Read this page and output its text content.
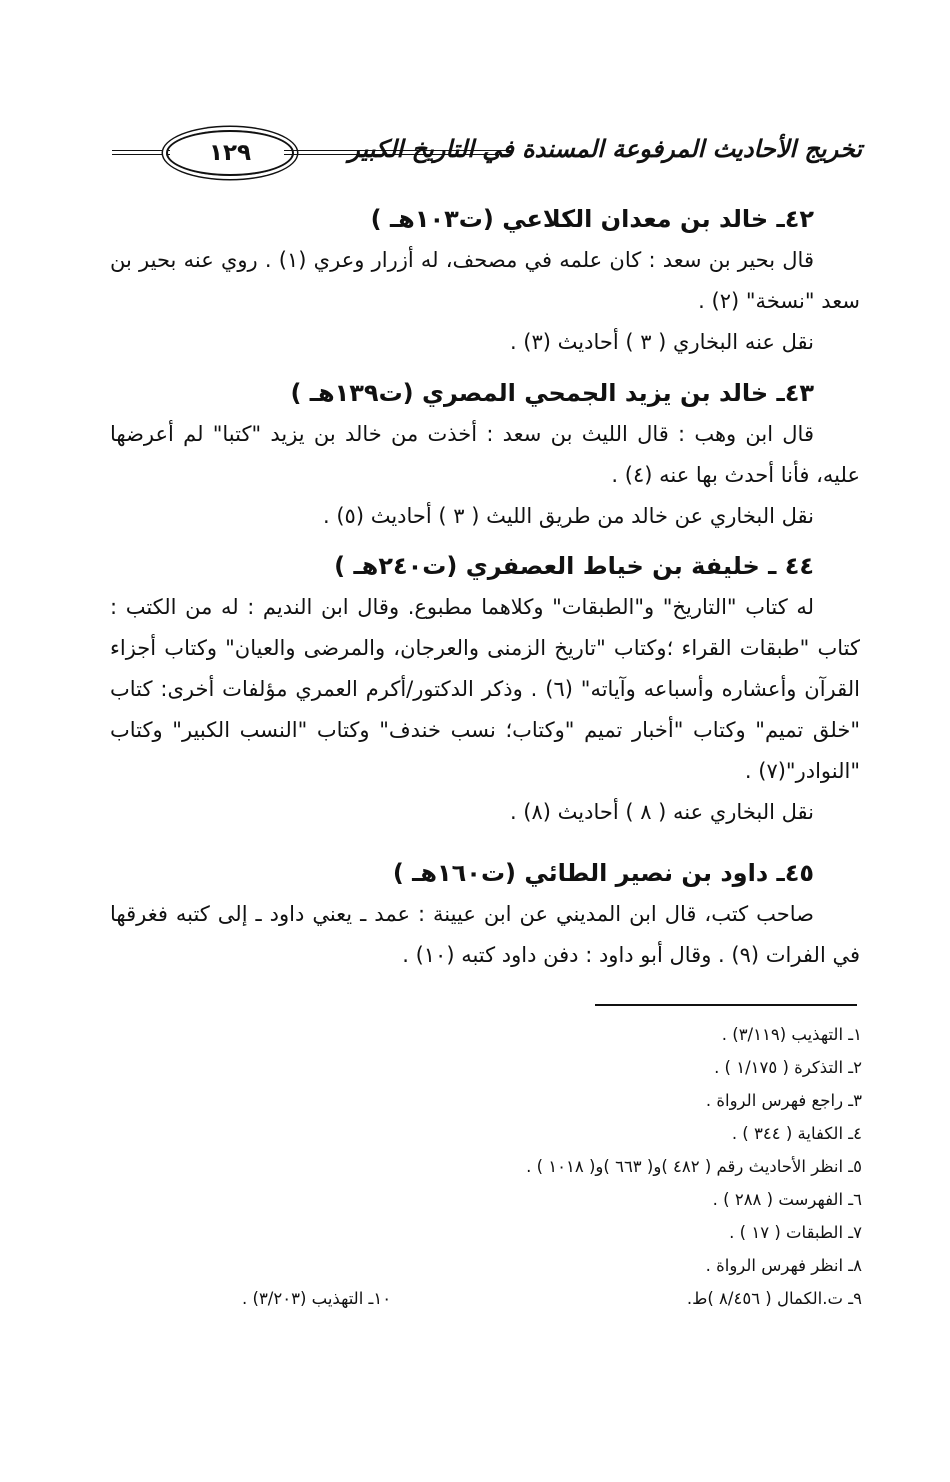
١٢٩	تخريج الأحاديث المرفوعة المسندة في التاريخ الكبير
٤٢ـ خالد بن معدان الكلاعي (ت١٠٣هـ )

قال بحير بن سعد : كان علمه في مصحف، له أزرار وعري (١) . روي عنه بحير بن سعد "نسخة" (٢) .

نقل عنه البخاري ( ٣ ) أحاديث (٣) .
٤٣ـ خالد بن يزيد الجمحي المصري (ت١٣٩هـ )

قال ابن وهب : قال الليث بن سعد : أخذت من خالد بن يزيد "كتبا" لم أعرضها عليه، فأنا أحدث بها عنه (٤) .

نقل البخاري عن خالد من طريق الليث ( ٣ ) أحاديث (٥) .
٤٤ ـ خليفة بن خياط العصفري (ت٢٤٠هـ )

له كتاب "التاريخ" و"الطبقات" وكلاهما مطبوع. وقال ابن النديم : له من الكتب : كتاب "طبقات القراء ؛وكتاب "تاريخ الزمنى والعرجان، والمرضى والعيان" وكتاب أجزاء القرآن وأعشاره وأسباعه وآياته" (٦) . وذكر الدكتور/أكرم العمري مؤلفات أخرى: كتاب "خلق تميم" وكتاب "أخبار تميم "وكتاب؛ نسب خندف" وكتاب "النسب الكبير" وكتاب "النوادر"(٧) .

نقل البخاري عنه ( ٨ ) أحاديث (٨) .
٤٥ـ داود بن نصير الطائي (ت١٦٠هـ )

صاحب كتب، قال ابن المديني عن ابن عيينة : عمد ـ يعني داود ـ إلى كتبه فغرقها في الفرات (٩) . وقال أبو داود : دفن داود كتبه (١٠) .

١ـ التهذيب (٣/١١٩) .
٢ـ التذكرة ( ١/١٧٥ ) .
٣ـ راجع فهرس الرواة .
٤ـ الكفاية ( ٣٤٤ ) .
٥ـ انظر الأحاديث رقم ( ٤٨٢ )و( ٦٦٣ )و( ١٠١٨ ) .
٦ـ الفهرست ( ٢٨٨ ) .
٧ـ الطبقات ( ١٧ ) .
٨ـ انظر فهرس الرواة .
٩ـ ت.الكمال ( ٨/٤٥٦ )ط.
١٠ـ التهذيب (٣/٢٠٣) .
